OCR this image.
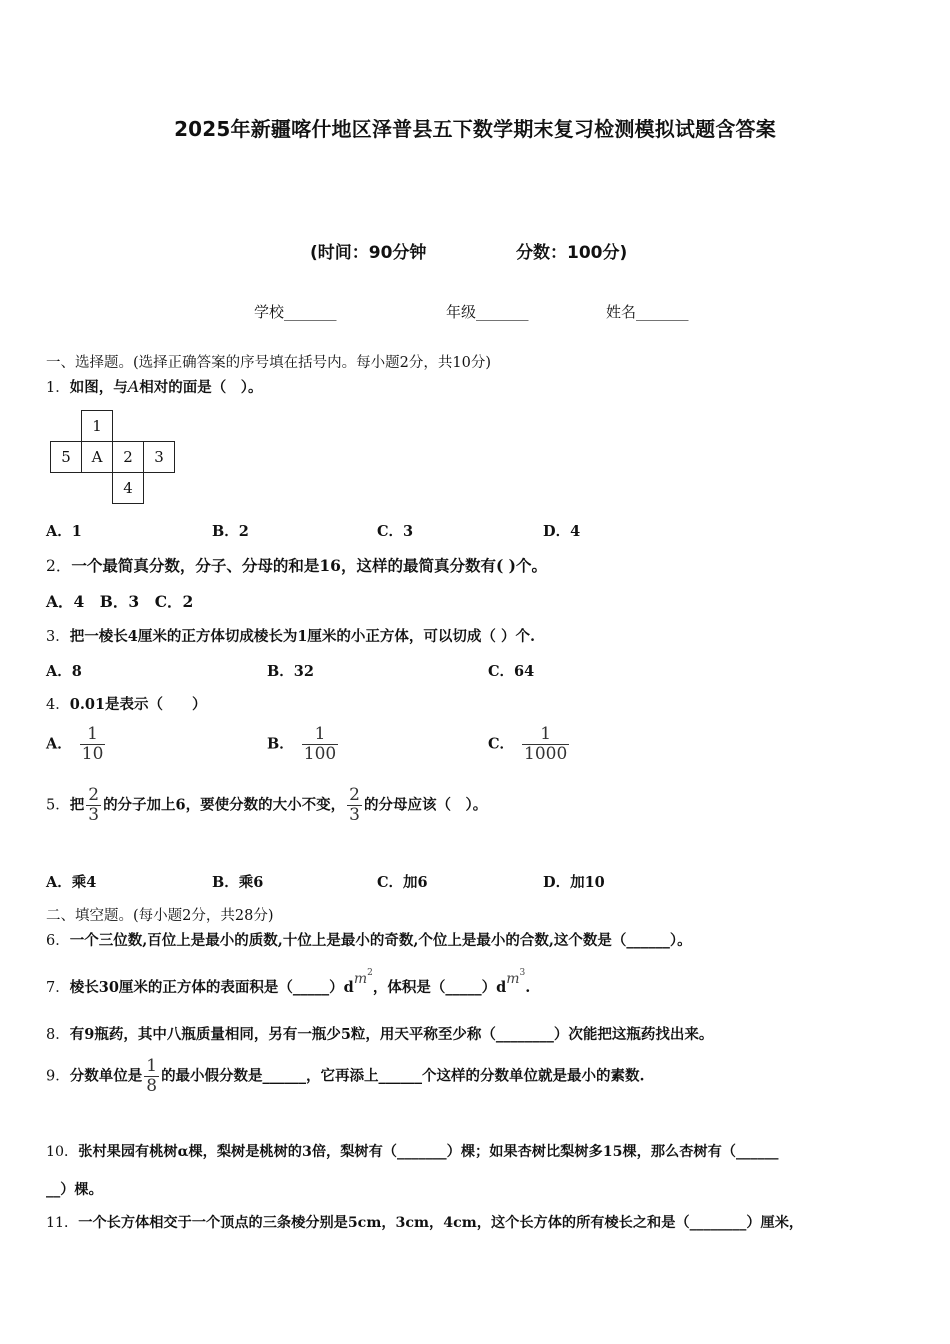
2025年新疆喀什地区泽普县五下数学期末复习检测模拟试题含答案
(时间：90分钟	分数：100分)
学校_______	年级_______	姓名_______
一、选择题。(选择正确答案的序号填在括号内。每小题2分，共10分)
1．如图，与A相对的面是（　）。
	1		
5	A	2	3
		4	
A．1	B．2	C．3	D．4
2．一个最简真分数，分子、分母的和是16，这样的最简真分数有( )个。
A．4　B．3　C．2
3．把一棱长4厘米的正方体切成棱长为1厘米的小正方体，可以切成（ ）个.
A．8	B．32	C．64
4．0.01是表示（　　）
A． $\frac{1}{10}$	B． $\frac{1}{100}$	C． $\frac{1}{1000}$
5．把 $\frac{2}{3}$ 的分子加上6，要使分数的大小不变， $\frac{2}{3}$ 的分母应该（　）。
A．乘4	B．乘6	C．加6	D．加10
二、填空题。(每小题2分，共28分)
6．一个三位数,百位上是最小的质数,十位上是最小的奇数,个位上是最小的合数,这个数是（______）。
7．棱长30厘米的正方体的表面积是$(\_\_\_\_\_)dm^2$，体积是$(\_\_\_\_\_)dm^3$.
8．有9瓶药，其中八瓶质量相同，另有一瓶少5粒，用天平称至少称（________）次能把这瓶药找出来。
9．分数单位是 $\frac{1}{8}$ 的最小假分数是______，它再添上______个这样的分数单位就是最小的素数.
10．张村果园有桃树α棵，梨树是桃树的3倍，梨树有（_______）棵；如果杏树比梨树多15棵，那么杏树有（______
__）棵。
11．一个长方体相交于一个顶点的三条棱分别是5cm，3cm，4cm，这个长方体的所有棱长之和是（________）厘米，
